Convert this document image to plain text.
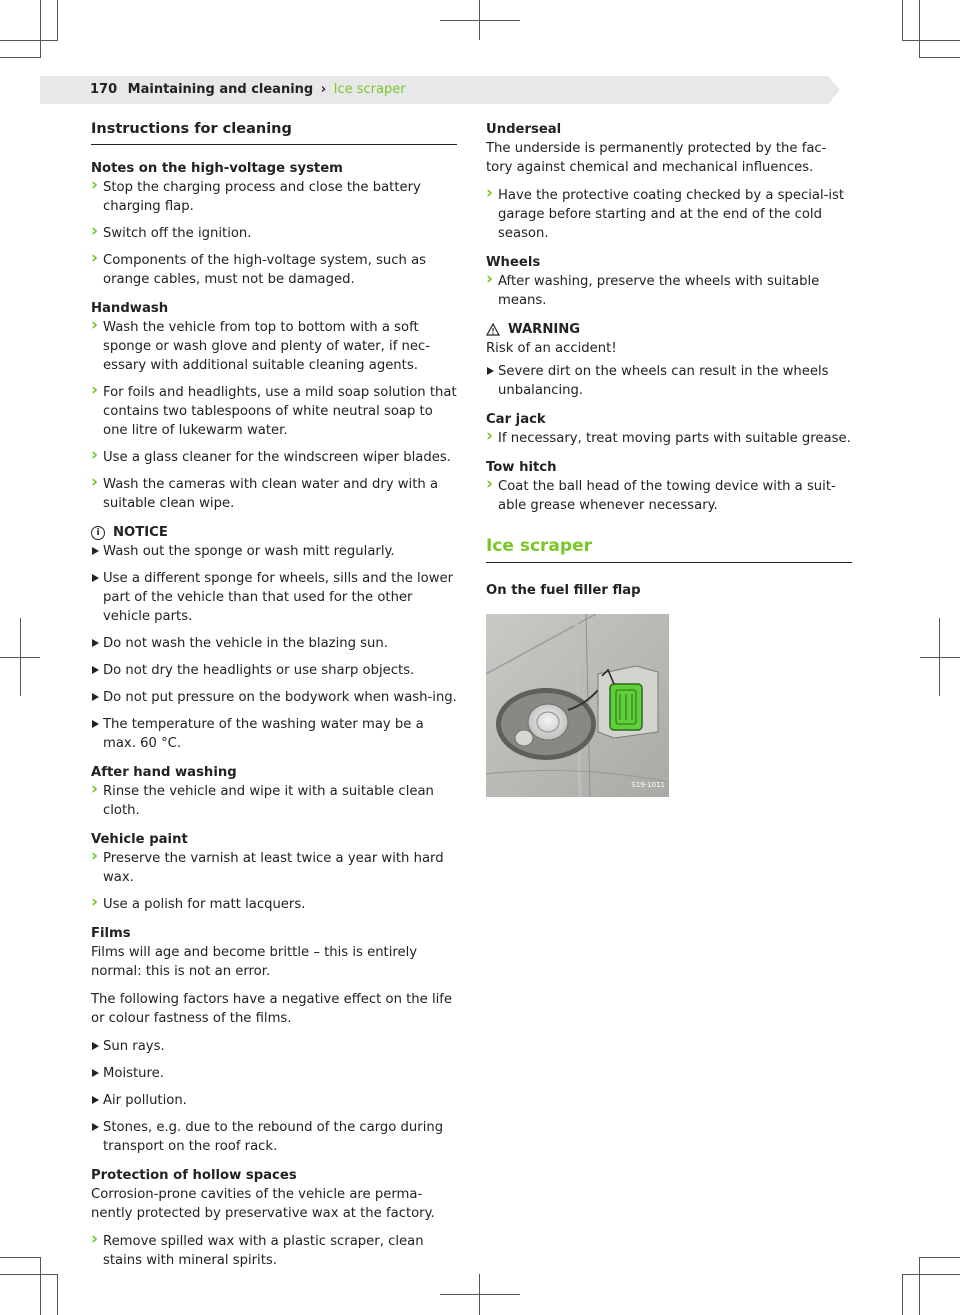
170 Maintaining and cleaning › Ice scraper
Instructions for cleaning

Notes on the high-voltage system

› Stop the charging process and close the battery charging flap.
› Switch off the ignition.
› Components of the high-voltage system, such as orange cables, must not be damaged.

Handwash

› Wash the vehicle from top to bottom with a soft sponge or wash glove and plenty of water, if nec-essary with additional suitable cleaning agents.
› For foils and headlights, use a mild soap solution that contains two tablespoons of white neutral soap to one litre of lukewarm water.
› Use a glass cleaner for the windscreen wiper blades.
› Wash the cameras with clean water and dry with a suitable clean wipe.

i	NOTICE

Wash out the sponge or wash mitt regularly.
Use a different sponge for wheels, sills and the lower part of the vehicle than that used for the other vehicle parts.
Do not wash the vehicle in the blazing sun.
Do not dry the headlights or use sharp objects.
Do not put pressure on the bodywork when wash-ing.
The temperature of the washing water may be a max. 60 °C.

After hand washing

› Rinse the vehicle and wipe it with a suitable clean cloth.

Vehicle paint

› Preserve the varnish at least twice a year with hard wax.
› Use a polish for matt lacquers.

Films

Films will age and become brittle – this is entirely normal: this is not an error.

The following factors have a negative effect on the life or colour fastness of the films.

Sun rays.
Moisture.
Air pollution.
Stones, e.g. due to the rebound of the cargo during transport on the roof rack.

Protection of hollow spaces

Corrosion-prone cavities of the vehicle are perma-nently protected by preservative wax at the factory.

› Remove spilled wax with a plastic scraper, clean stains with mineral spirits.

Underseal

The underside is permanently protected by the fac-tory against chemical and mechanical influences.

› Have the protective coating checked by a special-ist garage before starting and at the end of the cold season.

Wheels

› After washing, preserve the wheels with suitable means.

WARNING

Risk of an accident!

Severe dirt on the wheels can result in the wheels unbalancing.

Car jack

› If necessary, treat moving parts with suitable grease.

Tow hitch

› Coat the ball head of the towing device with a suit-able grease whenever necessary.
Ice scraper

On the fuel filler flap

S19-1011
